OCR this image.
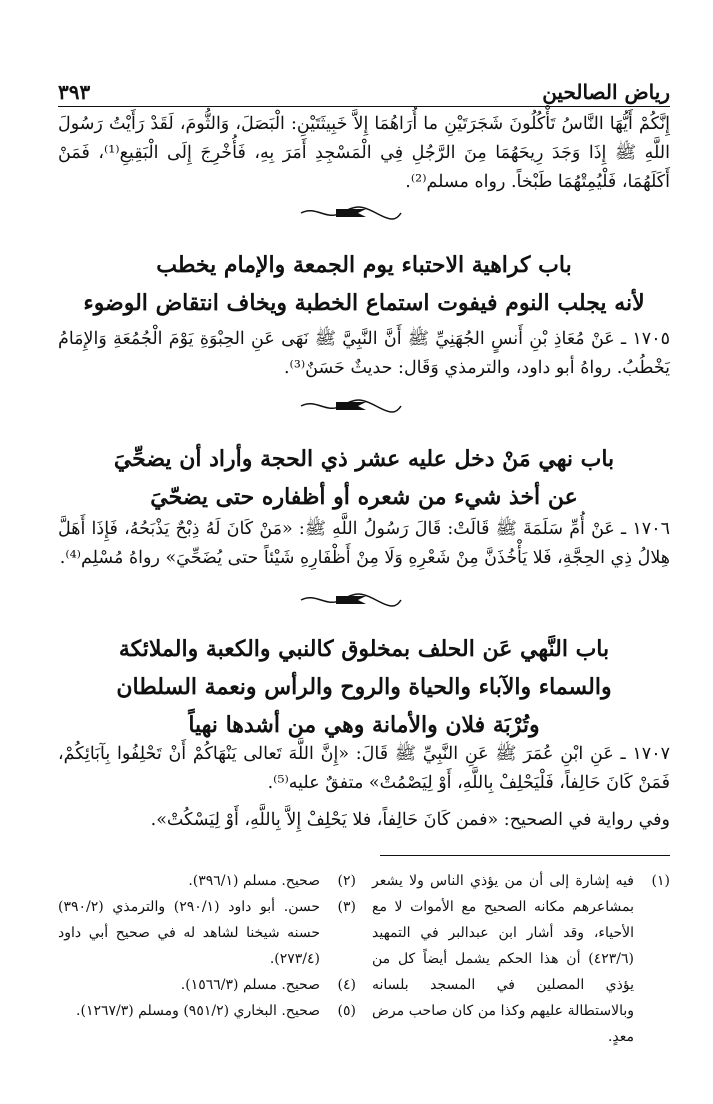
٣٩٣	رياض الصالحين
إِنَّكُمْ أَيُّهَا النَّاسُ تَأْكُلُونَ شَجَرَتَيْنِ ما أُرَاهُمَا إِلاَّ خَبِيثَتَيْنِ: الْبَصَلَ، وَالثُّومَ، لَقَدْ رَأَيْتُ رَسُولَ اللَّهِ ﷺ إِذَا وَجَدَ رِيحَهُمَا مِنَ الرَّجُلِ فِي الْمَسْجِدِ أَمَرَ بِهِ، فَأُخْرِجَ إِلَى الْبَقِيعِ⁽¹⁾، فَمَنْ أَكَلَهُمَا، فَلْيُمِتْهُمَا طَبْخاً. رواه مسلم⁽²⁾.
باب كراهية الاحتباء يوم الجمعة والإمام يخطب
لأنه يجلب النوم فيفوت استماع الخطبة ويخاف انتقاض الوضوء
١٧٠٥ ـ عَنْ مُعَاذِ بْنِ أَنسٍ الجُهَنِيِّ ﷺ أَنَّ النَّبِيَّ ﷺ نَهَى عَنِ الحِبْوَةِ يَوْمَ الْجُمُعَةِ وَالإِمَامُ يَخْطُبُ. رواهُ أبو داود، والترمذي وَقَال: حديثٌ حَسَنٌ⁽³⁾.
باب نهي مَنْ دخل عليه عشر ذي الحجة وأراد أن يضحِّيَ
عن أخذ شيء من شعره أو أظفاره حتى يضحّيَ
١٧٠٦ ـ عَنْ أُمِّ سَلَمَةَ ﷺ قَالَتْ: قَالَ رَسُولُ اللَّهِ ﷺ: «مَنْ كَانَ لَهُ ذِبْحٌ يَذْبَحُهُ، فَإِذَا أَهَلَّ هِلالُ ذِي الحِجَّةِ، فَلا يَأْخُذَنَّ مِنْ شَعْرِهِ وَلَا مِنْ أَظْفَارِهِ شَيْئاً حتى يُضَحِّيَ» رواهُ مُسْلِم⁽⁴⁾.
باب النَّهي عَن الحلف بمخلوق كالنبي والكعبة والملائكة
والسماء والآباء والحياة والروح والرأس ونعمة السلطان
وتُرْبَة فلان والأمانة وهي من أشدها نهياً
١٧٠٧ ـ عَنِ ابْنِ عُمَرَ ﷺ عَنِ النَّبِيِّ ﷺ قَالَ: «إِنَّ اللَّهَ تَعالى يَنْهَاكُمْ أَنْ تَحْلِفُوا بِآبَائِكُمْ، فَمَنْ كَانَ حَالِفاً، فَلْيَحْلِفْ بِاللَّهِ، أَوْ لِيَصْمُتْ» متفقٌ عليه⁽⁵⁾.
وفي رواية في الصحيح: «فمن كَانَ حَالِفاً، فلا يَحْلِفْ إِلاَّ بِاللَّهِ، أَوْ لِيَسْكُتْ».
(١)
فيه إشارة إلى أن من يؤذي الناس ولا يشعر بمشاعرهم مكانه الصحيح مع الأموات لا مع الأحياء، وقد أشار ابن عبدالبر في التمهيد (٤٢٣/٦) أن هذا الحكم يشمل أيضاً كل من يؤذي المصلين في المسجد بلسانه وبالاستطالة عليهم وكذا من كان صاحب مرض معدٍ.
(٢)
صحيح. مسلم (٣٩٦/١).
(٣)
حسن. أبو داود (٢٩٠/١) والترمذي (٣٩٠/٢) حسنه شيخنا لشاهد له في صحيح أبي داود (٢٧٣/٤).
(٤)
صحيح. مسلم (١٥٦٦/٣).
(٥)
صحيح. البخاري (٩٥١/٢) ومسلم (١٢٦٧/٣).
